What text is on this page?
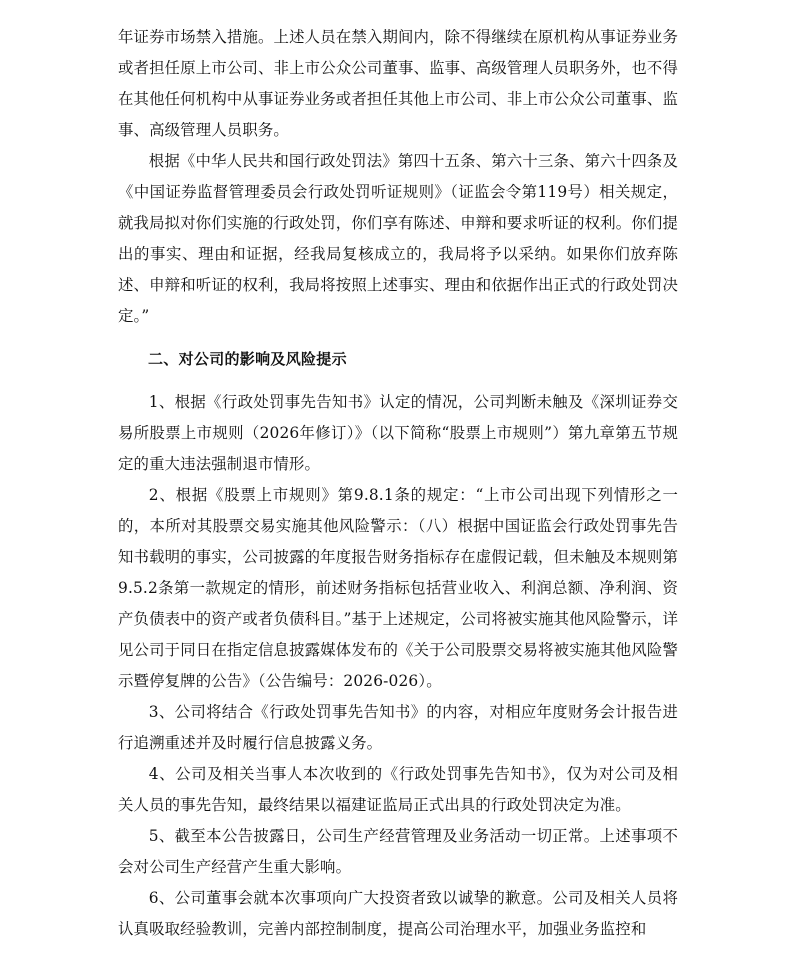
年证券市场禁入措施。上述人员在禁入期间内，除不得继续在原机构从事证券业务或者担任原上市公司、非上市公众公司董事、监事、高级管理人员职务外，也不得在其他任何机构中从事证券业务或者担任其他上市公司、非上市公众公司董事、监事、高级管理人员职务。

根据《中华人民共和国行政处罚法》第四十五条、第六十三条、第六十四条及《中国证券监督管理委员会行政处罚听证规则》（证监会令第119号）相关规定，就我局拟对你们实施的行政处罚，你们享有陈述、申辩和要求听证的权利。你们提出的事实、理由和证据，经我局复核成立的，我局将予以采纳。如果你们放弃陈述、申辩和听证的权利，我局将按照上述事实、理由和依据作出正式的行政处罚决定。”

二、对公司的影响及风险提示

1、根据《行政处罚事先告知书》认定的情况，公司判断未触及《深圳证券交易所股票上市规则（2026年修订）》（以下简称“股票上市规则”）第九章第五节规定的重大违法强制退市情形。

2、根据《股票上市规则》第9.8.1条的规定：“上市公司出现下列情形之一的，本所对其股票交易实施其他风险警示：（八）根据中国证监会行政处罚事先告知书载明的事实，公司披露的年度报告财务指标存在虚假记载，但未触及本规则第9.5.2条第一款规定的情形，前述财务指标包括营业收入、利润总额、净利润、资产负债表中的资产或者负债科目。”基于上述规定，公司将被实施其他风险警示，详见公司于同日在指定信息披露媒体发布的《关于公司股票交易将被实施其他风险警示暨停复牌的公告》（公告编号：2026-026）。

3、公司将结合《行政处罚事先告知书》的内容，对相应年度财务会计报告进行追溯重述并及时履行信息披露义务。

4、公司及相关当事人本次收到的《行政处罚事先告知书》，仅为对公司及相关人员的事先告知，最终结果以福建证监局正式出具的行政处罚决定为准。

5、截至本公告披露日，公司生产经营管理及业务活动一切正常。上述事项不会对公司生产经营产生重大影响。

6、公司董事会就本次事项向广大投资者致以诚挚的歉意。公司及相关人员将认真吸取经验教训，完善内部控制制度，提高公司治理水平，加强业务监控和
